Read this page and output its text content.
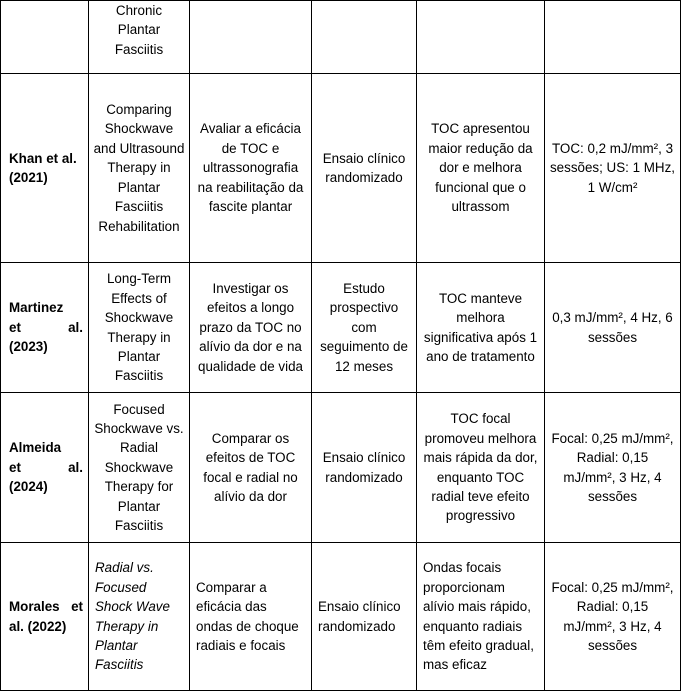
	Chronic Plantar Fasciitis				

Khan et al.
(2021)	Comparing Shockwave and Ultrasound Therapy in Plantar Fasciitis Rehabilitation	Avaliar a eficácia de TOC e ultrassonografia na reabilitação da fascite plantar	Ensaio clínico randomizado	TOC apresentou maior redução da dor e melhora funcional que o ultrassom	TOC: 0,2 mJ/mm², 3 sessões; US: 1 MHz, 1 W/cm²

Martinez
et al.
(2023)	Long-Term Effects of Shockwave Therapy in Plantar Fasciitis	Investigar os efeitos a longo prazo da TOC no alívio da dor e na qualidade de vida	Estudo prospectivo com seguimento de 12 meses	TOC manteve melhora significativa após 1 ano de tratamento	0,3 mJ/mm², 4 Hz, 6 sessões

Almeida
et al.
(2024)	Focused Shockwave vs. Radial Shockwave Therapy for Plantar Fasciitis	Comparar os efeitos de TOC focal e radial no alívio da dor	Ensaio clínico randomizado	TOC focal promoveu melhora mais rápida da dor, enquanto TOC radial teve efeito progressivo	Focal: 0,25 mJ/mm², Radial: 0,15 mJ/mm², 3 Hz, 4 sessões

Morales et
al. (2022)	Radial vs. Focused Shock Wave Therapy in Plantar Fasciitis	Comparar a eficácia das ondas de choque radiais e focais	Ensaio clínico randomizado	Ondas focais proporcionam alívio mais rápido, enquanto radiais têm efeito gradual, mas eficaz	Focal: 0,25 mJ/mm², Radial: 0,15 mJ/mm², 3 Hz, 4 sessões
